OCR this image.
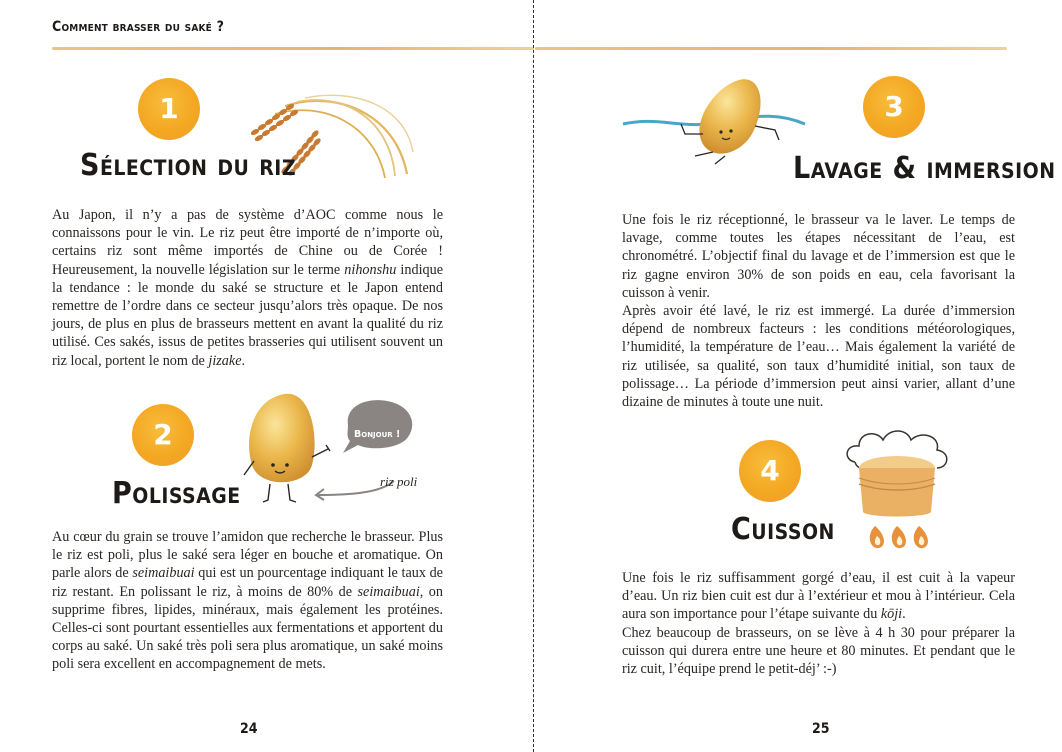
Comment brasser du saké ?
1
Sélection du riz

Au Japon, il n’y a pas de système d’AOC comme nous le connaissons pour le vin. Le riz peut être importé de n’importe où, certains riz sont même importés de Chine ou de Corée ! Heureusement, la nouvelle législation sur le terme nihonshu indique la tendance : le monde du saké se structure et le Japon entend remettre de l’ordre dans ce secteur jusqu’alors très opaque. De nos jours, de plus en plus de brasseurs mettent en avant la qualité du riz utilisé. Ces sakés, issus de petites brasseries qui utilisent souvent un riz local, portent le nom de jizake.

2	Bonjour !
riz poli
Polissage

Au cœur du grain se trouve l’amidon que recherche le brasseur. Plus le riz est poli, plus le saké sera léger en bouche et aromatique. On parle alors de seimaibuai qui est un pourcentage indiquant le taux de riz restant. En polissant le riz, à moins de 80% de seimaibuai, on supprime fibres, lipides, minéraux, mais également les protéines. Celles-ci sont pourtant essentielles aux fermentations et apportent du corps au saké. Un saké très poli sera plus aromatique, un saké moins poli sera excellent en accompagnement de mets.

24
3
Lavage & immersion

Une fois le riz réceptionné, le brasseur va le laver. Le temps de lavage, comme toutes les étapes nécessitant de l’eau, est chronométré. L’objectif final du lavage et de l’immersion est que le riz gagne environ 30% de son poids en eau, cela favorisant la cuisson à venir.

Après avoir été lavé, le riz est immergé. La durée d’immersion dépend de nombreux facteurs : les conditions météorologiques, l’humidité, la température de l’eau… Mais également la variété de riz utilisée, sa qualité, son taux d’humidité initial, son taux de polissage… La période d’immersion peut ainsi varier, allant d’une dizaine de minutes à toute une nuit.

4
Cuisson

Une fois le riz suffisamment gorgé d’eau, il est cuit à la vapeur d’eau. Un riz bien cuit est dur à l’extérieur et mou à l’intérieur. Cela aura son importance pour l’étape suivante du kōji.

Chez beaucoup de brasseurs, on se lève à 4 h 30 pour préparer la cuisson qui durera entre une heure et 80 minutes. Et pendant que le riz cuit, l’équipe prend le petit-déj’ :-)

25
